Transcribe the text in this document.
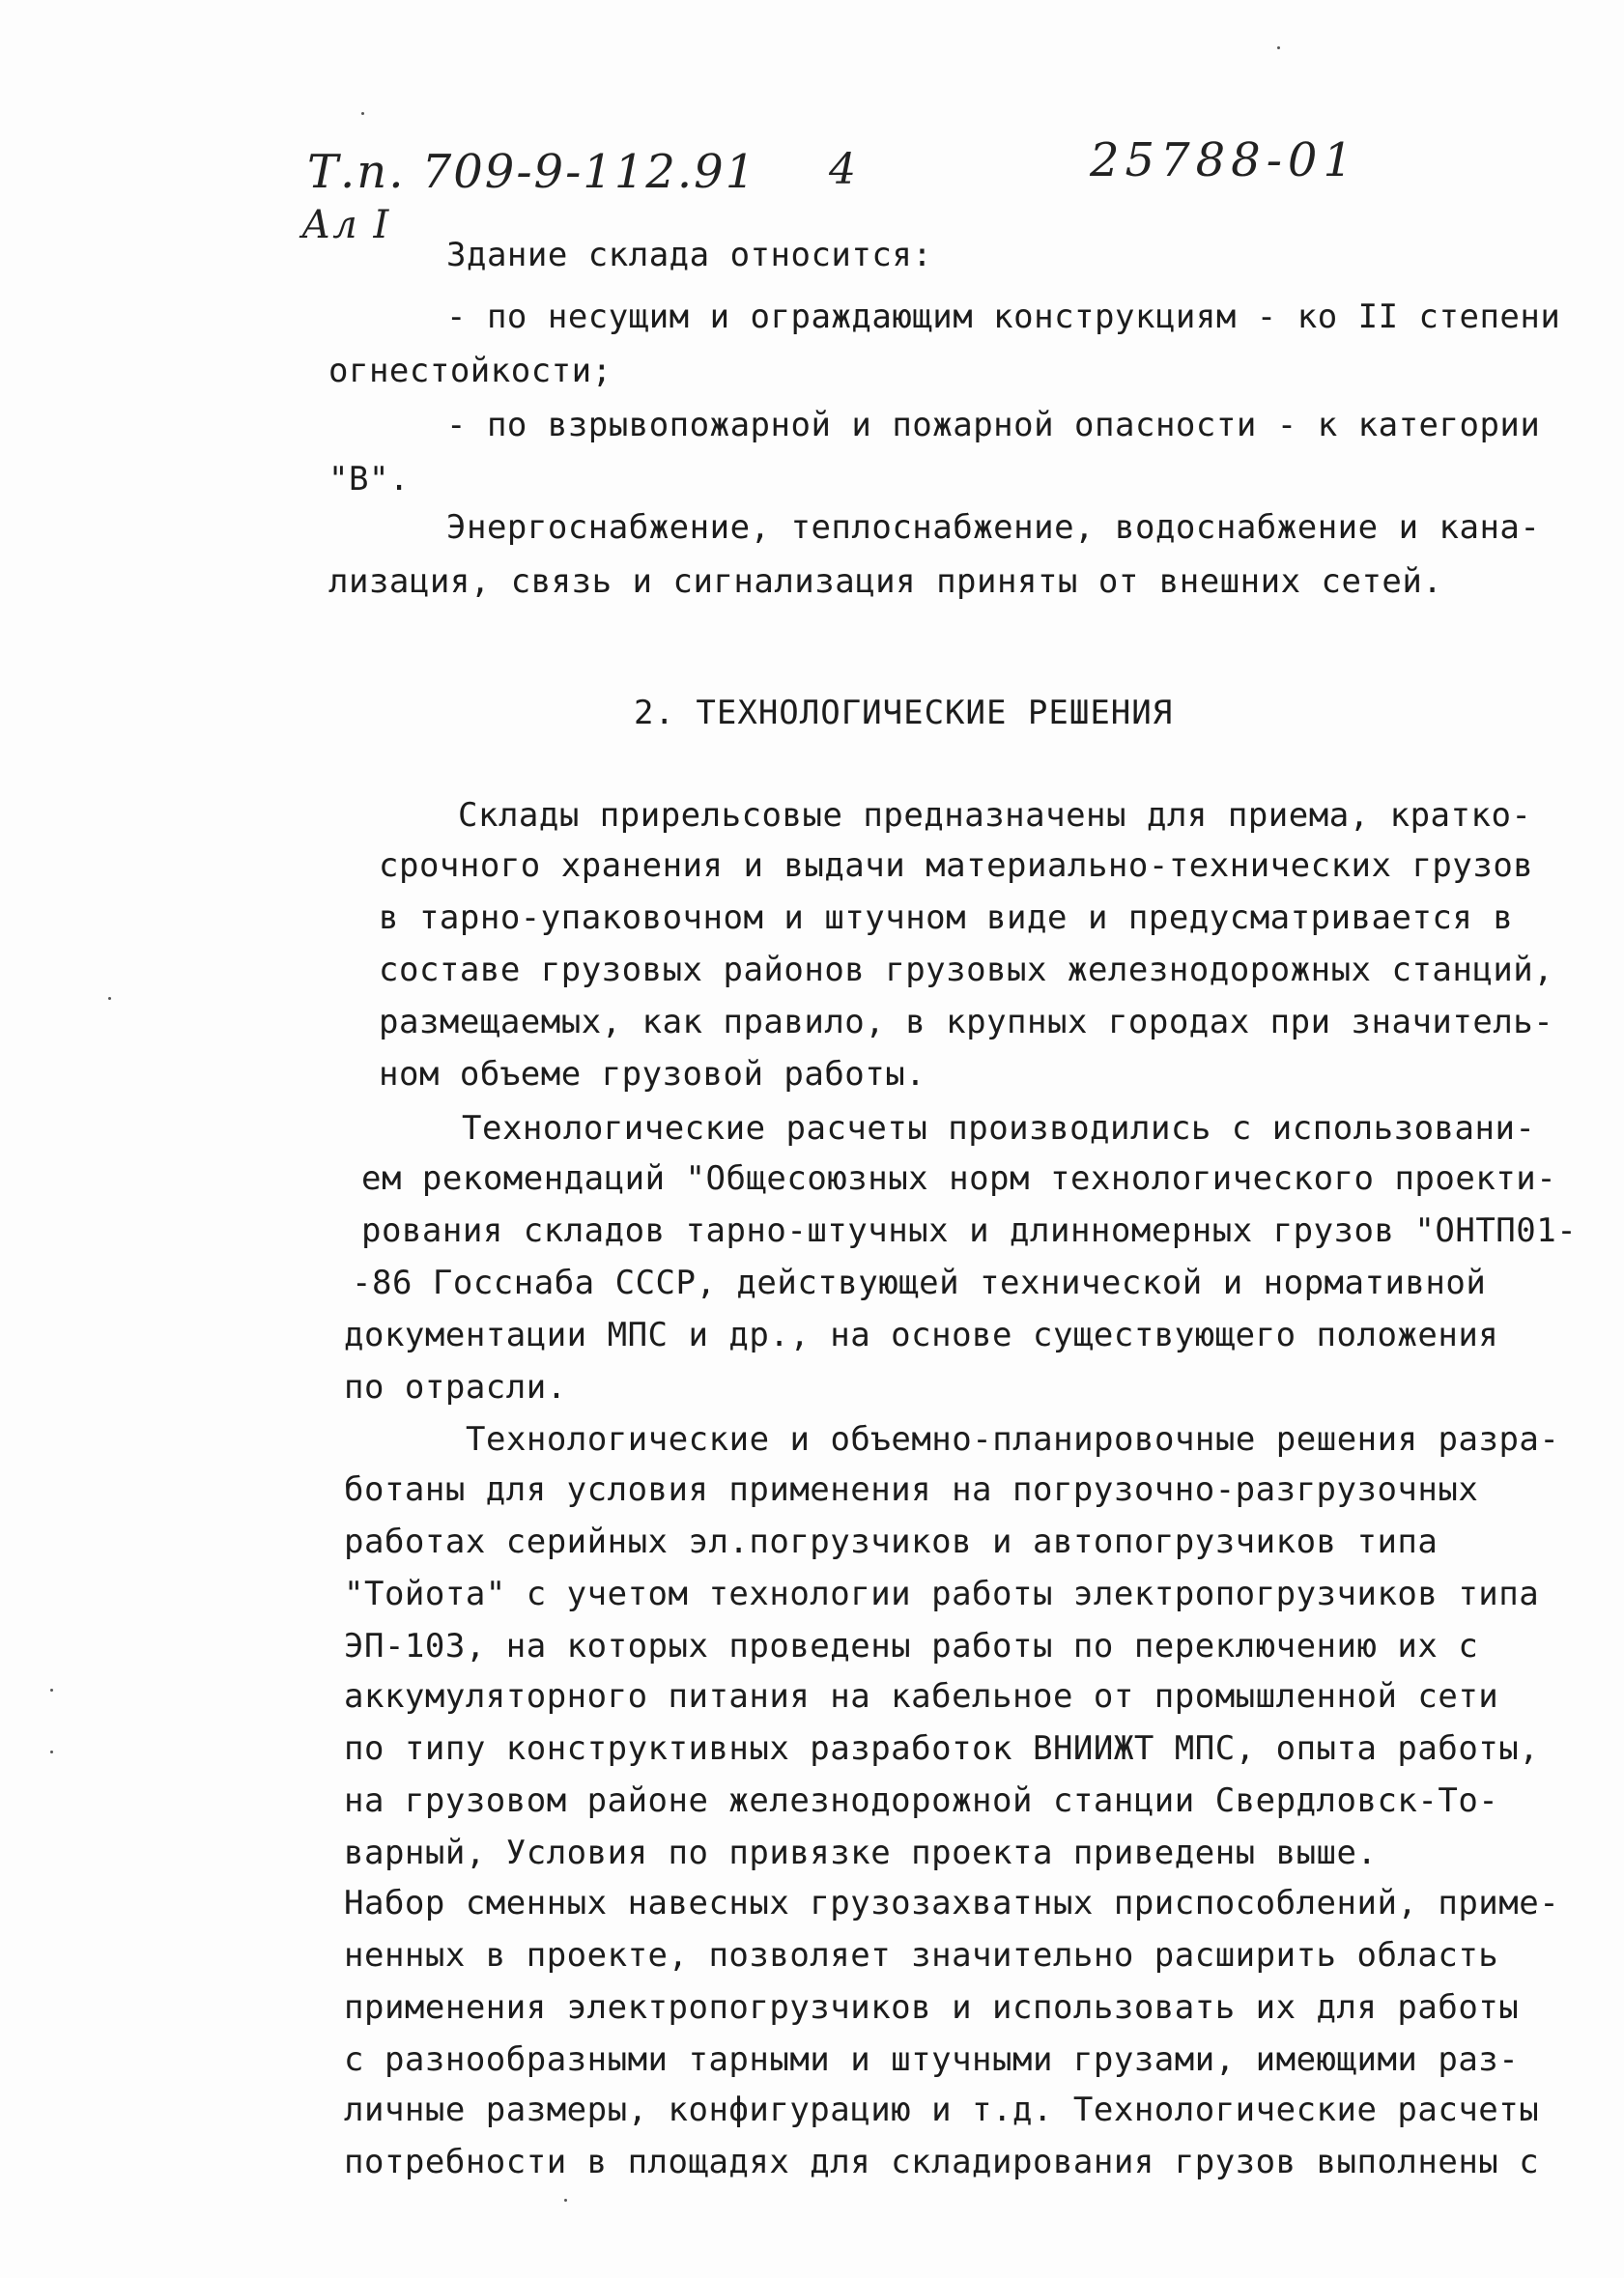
Т.п. 709-9-112.91 4	25788-01
Ал I
Здание склада относится:
- по несущим и ограждающим конструкциям - ко II степени
огнестойкости;
- по взрывопожарной и пожарной опасности - к категории
"В".
Энергоснабжение, теплоснабжение, водоснабжение и кана-
лизация, связь и сигнализация приняты от внешних сетей.
2. ТЕХНОЛОГИЧЕСКИЕ РЕШЕНИЯ
Склады прирельсовые предназначены для приема, кратко-
срочного хранения и выдачи материально-технических грузов
в тарно-упаковочном и штучном виде и предусматривается в
составе грузовых районов грузовых железнодорожных станций,
размещаемых, как правило, в крупных городах при значитель-
ном объеме грузовой работы.
Технологические расчеты производились с использовани-
ем рекомендаций "Общесоюзных норм технологического проекти-
рования складов тарно-штучных и длинномерных грузов "ОНТП01-
-86 Госснаба СССР, действующей технической и нормативной
документации МПС и др., на основе существующего положения
по отрасли.
Технологические и объемно-планировочные решения разра-
ботаны для условия применения на погрузочно-разгрузочных
работах серийных эл.погрузчиков и автопогрузчиков типа
"Тойота" с учетом технологии работы электропогрузчиков типа
ЭП-103, на которых проведены работы по переключению их с
аккумуляторного питания на кабельное от промышленной сети
по типу конструктивных разработок ВНИИЖТ МПС, опыта работы,
на грузовом районе железнодорожной станции Свердловск-То-
варный, Условия по привязке проекта приведены выше.
Набор сменных навесных грузозахватных приспособлений, приме-
ненных в проекте, позволяет значительно расширить область
применения электропогрузчиков и использовать их для работы
с разнообразными тарными и штучными грузами, имеющими раз-
личные размеры, конфигурацию и т.д. Технологические расчеты
потребности в площадях для складирования грузов выполнены с
